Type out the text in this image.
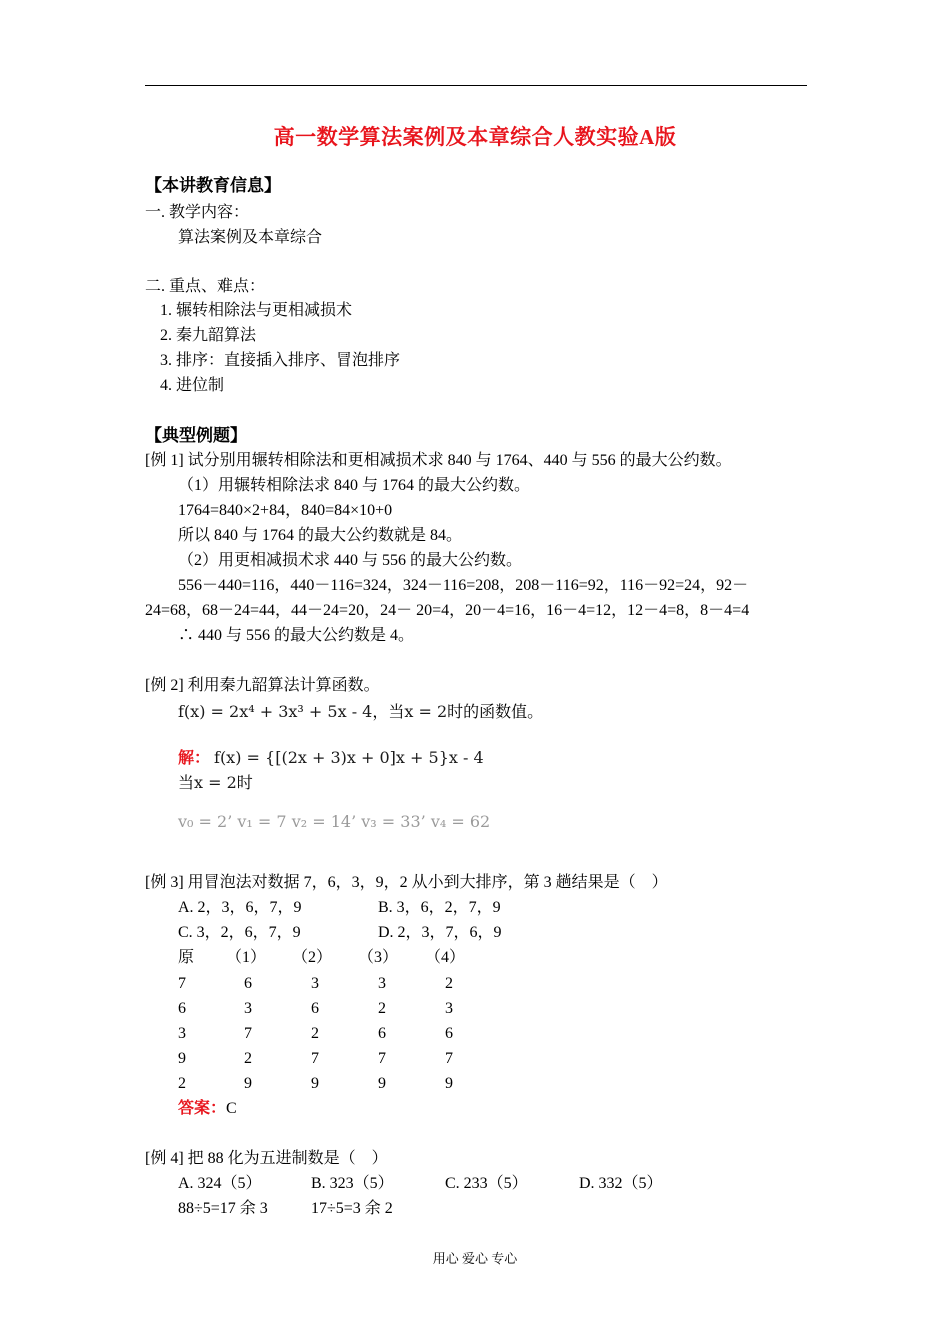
高一数学算法案例及本章综合人教实验A版
【本讲教育信息】
一. 教学内容：
算法案例及本章综合
二. 重点、难点：
1. 辗转相除法与更相减损术
2. 秦九韶算法
3. 排序：直接插入排序、冒泡排序
4. 进位制
【典型例题】
[例 1] 试分别用辗转相除法和更相减损术求 840 与 1764、440 与 556 的最大公约数。
（1）用辗转相除法求 840 与 1764 的最大公约数。
1764=840×2+84，840=84×10+0
所以 840 与 1764 的最大公约数就是 84。
（2）用更相减损术求 440 与 556 的最大公约数。
556－440=116，440－116=324，324－116=208，208－116=92，116－92=24，92－
24=68，68－24=44，44－24=20，24－ 20=4，20－4=16，16－4=12，12－4=8，8－4=4
∴ 440 与 556 的最大公约数是 4。
[例 2] 利用秦九韶算法计算函数。
f(x) = 2x⁴ + 3x³ + 5x - 4，当x = 2时的函数值。
解： f(x) = {[(2x + 3)x + 0]x + 5}x - 4
当x = 2时
v₀ = 2’ v₁ = 7 v₂ = 14’ v₃ = 33’ v₄ = 62
[例 3] 用冒泡法对数据 7，6，3，9，2 从小到大排序，第 3 趟结果是（　）
A. 2，3，6，7，9	B. 3，6，2，7，9
C. 3，2，6，7，9	D. 2，3，7，6，9
原 （1） （2） （3） （4）
7	6	3	3	2
6	3	6	2	3
3	7	2	6	6
9	2	7	7	7
2	9	9	9	9
答案：C
[例 4] 把 88 化为五进制数是（　）
A. 324（5）	B. 323（5）	C. 233（5）	D. 332（5）
88÷5=17 余 3	17÷5=3 余 2
用心 爱心 专心
